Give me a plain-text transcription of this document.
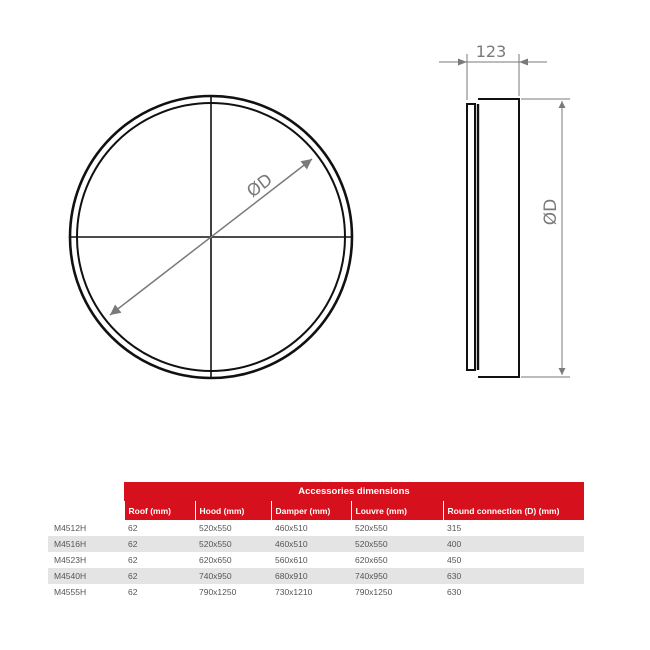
ØD
123
ØD
Accessories dimensions
	Roof (mm)	Hood (mm)	Damper (mm)	Louvre (mm)	Round connection (D) (mm)
M4512H	62	520x550	460x510	520x550	315
M4516H	62	520x550	460x510	520x550	400
M4523H	62	620x650	560x610	620x650	450
M4540H	62	740x950	680x910	740x950	630
M4555H	62	790x1250	730x1210	790x1250	630
